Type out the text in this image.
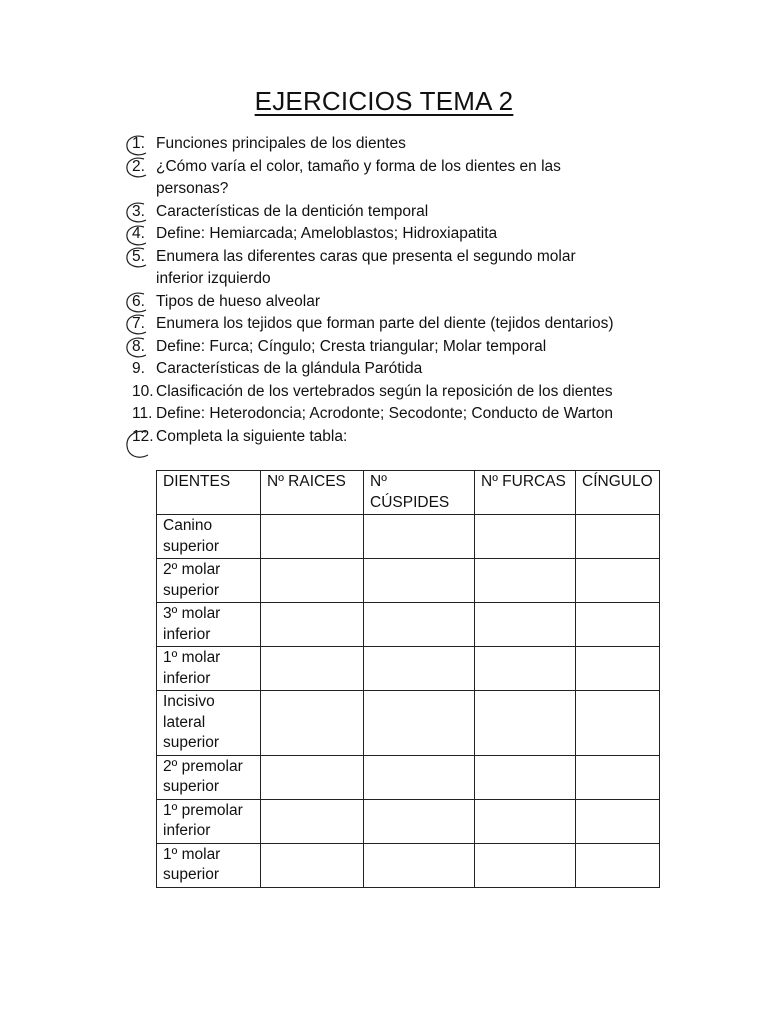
EJERCICIOS TEMA 2
1. Funciones principales de los dientes
2. ¿Cómo varía el color, tamaño y forma de los dientes en las personas?
3. Características de la dentición temporal
4. Define: Hemiarcada; Ameloblastos; Hidroxiapatita
5. Enumera las diferentes caras que presenta el segundo molar inferior izquierdo
6. Tipos de hueso alveolar
7. Enumera los tejidos que forman parte del diente (tejidos dentarios)
8. Define: Furca; Cíngulo; Cresta triangular; Molar temporal
9. Características de la glándula Parótida
10. Clasificación de los vertebrados según la reposición de los dientes
11. Define: Heterodoncia; Acrodonte; Secodonte; Conducto de Warton
12. Completa la siguiente tabla:
DIENTES	Nº RAICES	Nº CÚSPIDES	Nº FURCAS	CÍNGULO
Canino superior				
2º molar superior				
3º molar inferior				
1º molar inferior				
Incisivo lateral superior				
2º premolar superior				
1º premolar inferior				
1º molar superior				
